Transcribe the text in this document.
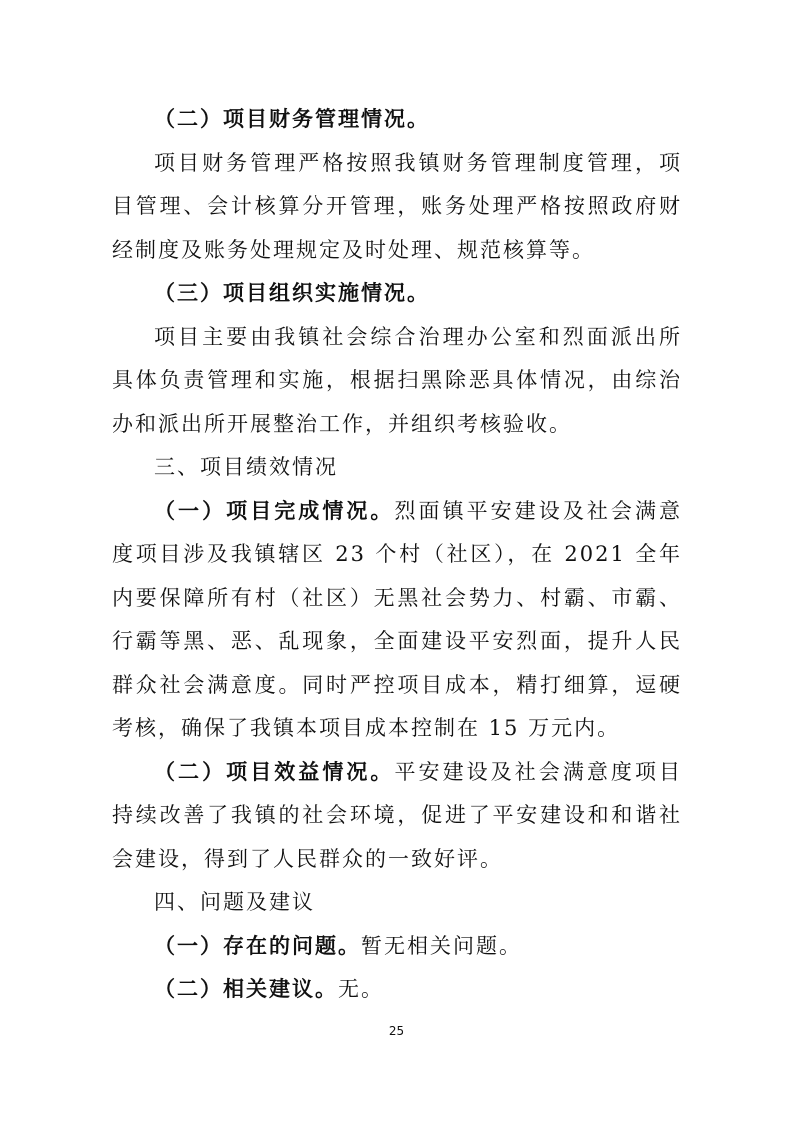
（二）项目财务管理情况。

项目财务管理严格按照我镇财务管理制度管理，项目管理、会计核算分开管理，账务处理严格按照政府财经制度及账务处理规定及时处理、规范核算等。

（三）项目组织实施情况。

项目主要由我镇社会综合治理办公室和烈面派出所具体负责管理和实施，根据扫黑除恶具体情况，由综治办和派出所开展整治工作，并组织考核验收。

三、项目绩效情况

（一）项目完成情况。烈面镇平安建设及社会满意度项目涉及我镇辖区 23 个村（社区），在 2021 全年内要保障所有村（社区）无黑社会势力、村霸、市霸、行霸等黑、恶、乱现象，全面建设平安烈面，提升人民群众社会满意度。同时严控项目成本，精打细算，逗硬考核，确保了我镇本项目成本控制在 15 万元内。

（二）项目效益情况。平安建设及社会满意度项目持续改善了我镇的社会环境，促进了平安建设和和谐社会建设，得到了人民群众的一致好评。

四、问题及建议

（一）存在的问题。暂无相关问题。

（二）相关建议。无。

25
